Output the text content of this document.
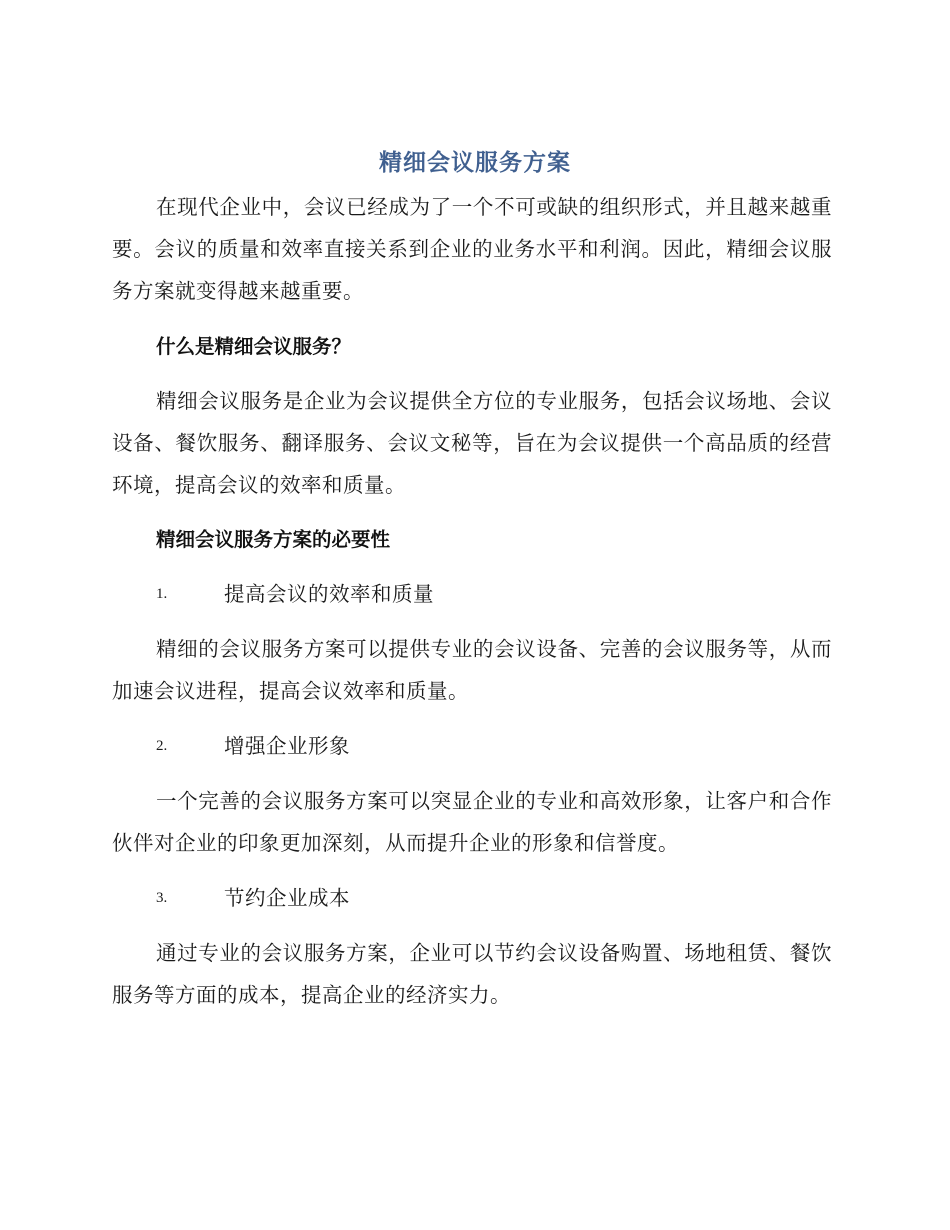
精细会议服务方案

在现代企业中，会议已经成为了一个不可或缺的组织形式，并且越来越重要。会议的质量和效率直接关系到企业的业务水平和利润。因此，精细会议服务方案就变得越来越重要。

什么是精细会议服务？

精细会议服务是企业为会议提供全方位的专业服务，包括会议场地、会议设备、餐饮服务、翻译服务、会议文秘等，旨在为会议提供一个高品质的经营环境，提高会议的效率和质量。

精细会议服务方案的必要性
1.	提高会议的效率和质量

精细的会议服务方案可以提供专业的会议设备、完善的会议服务等，从而加速会议进程，提高会议效率和质量。

2.	增强企业形象

一个完善的会议服务方案可以突显企业的专业和高效形象，让客户和合作伙伴对企业的印象更加深刻，从而提升企业的形象和信誉度。

3.	节约企业成本

通过专业的会议服务方案，企业可以节约会议设备购置、场地租赁、餐饮服务等方面的成本，提高企业的经济实力。
